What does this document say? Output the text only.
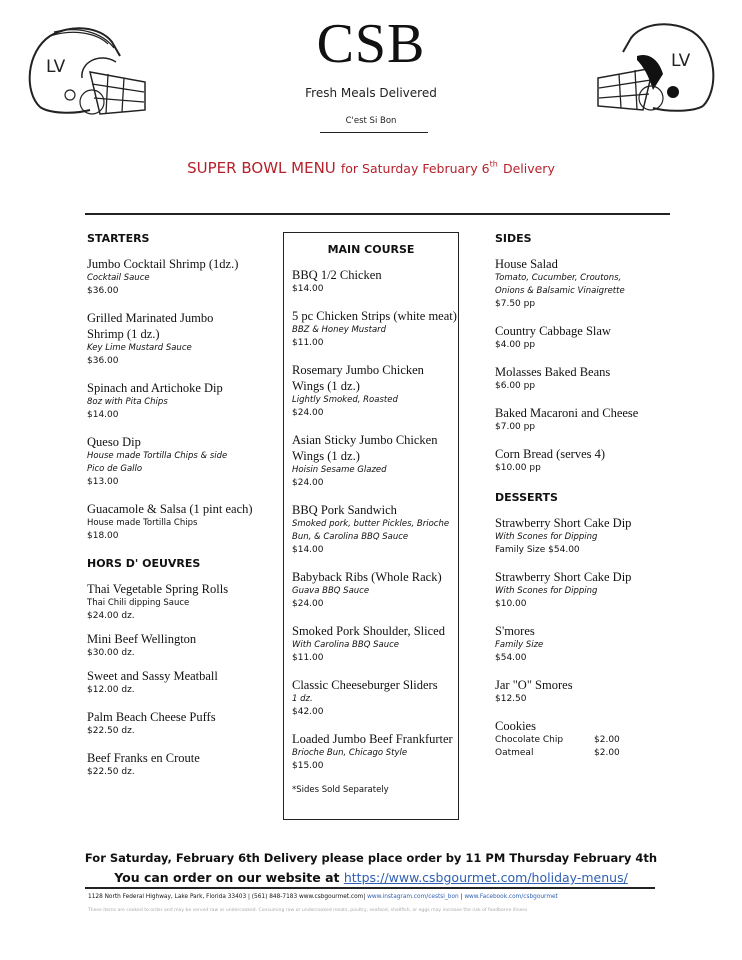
LV	LV
CSB
Fresh Meals Delivered
C'est Si Bon
SUPER BOWL MENU for Saturday February 6th Delivery
STARTERS
Jumbo Cocktail Shrimp (1dz.)
Cocktail Sauce
$36.00
Grilled Marinated Jumbo Shrimp (1 dz.)
Key Lime Mustard Sauce
$36.00
Spinach and Artichoke Dip
8oz with Pita Chips
$14.00
Queso Dip
House made Tortilla Chips & side Pico de Gallo
$13.00
Guacamole & Salsa (1 pint each)
House made Tortilla Chips
$18.00
HORS D' OEUVRES
Thai Vegetable Spring Rolls
Thai Chili dipping Sauce
$24.00 dz.
Mini Beef Wellington
$30.00 dz.
Sweet and Sassy Meatball
$12.00 dz.
Palm Beach Cheese Puffs
$22.50 dz.
Beef Franks en Croute
$22.50 dz.
MAIN COURSE
BBQ 1/2 Chicken
$14.00
5 pc Chicken Strips (white meat)
BBZ & Honey Mustard
$11.00
Rosemary Jumbo Chicken Wings (1 dz.)
Lightly Smoked, Roasted
$24.00
Asian Sticky Jumbo Chicken Wings (1 dz.)
Hoisin Sesame Glazed
$24.00
BBQ Pork Sandwich
Smoked pork, butter Pickles, Brioche Bun, & Carolina BBQ Sauce
$14.00
Babyback Ribs (Whole Rack)
Guava BBQ Sauce
$24.00
Smoked Pork Shoulder, Sliced
With Carolina BBQ Sauce
$11.00
Classic Cheeseburger Sliders
1 dz.
$42.00
Loaded Jumbo Beef Frankfurter
Brioche Bun, Chicago Style
$15.00
*Sides Sold Separately
SIDES
House Salad
Tomato, Cucumber, Croutons, Onions & Balsamic Vinaigrette
$7.50 pp
Country Cabbage Slaw
$4.00 pp
Molasses Baked Beans
$6.00 pp
Baked Macaroni and Cheese
$7.00 pp
Corn Bread (serves 4)
$10.00 pp
DESSERTS
Strawberry Short Cake Dip
With Scones for Dipping
Family Size $54.00
Strawberry Short Cake Dip
With Scones for Dipping
$10.00
S'mores
Family Size
$54.00
Jar "O" Smores
$12.50
Cookies
Chocolate Chip	$2.00
Oatmeal	$2.00
For Saturday, February 6th Delivery please place order by 11 PM Thursday February 4th
You can order on our website at https://www.csbgourmet.com/holiday-menus/
1128 North Federal Highway, Lake Park, Florida 33403 | (561) 848-7183 www.csbgourmet.com| www.instagram.com/cestsi_bon | www.Facebook.com/csbgourmet
These items are cooked to order and may be served raw or undercooked. Consuming raw or undercooked meats, poultry, seafood, shellfish, or eggs may increase the risk of foodborne illness
